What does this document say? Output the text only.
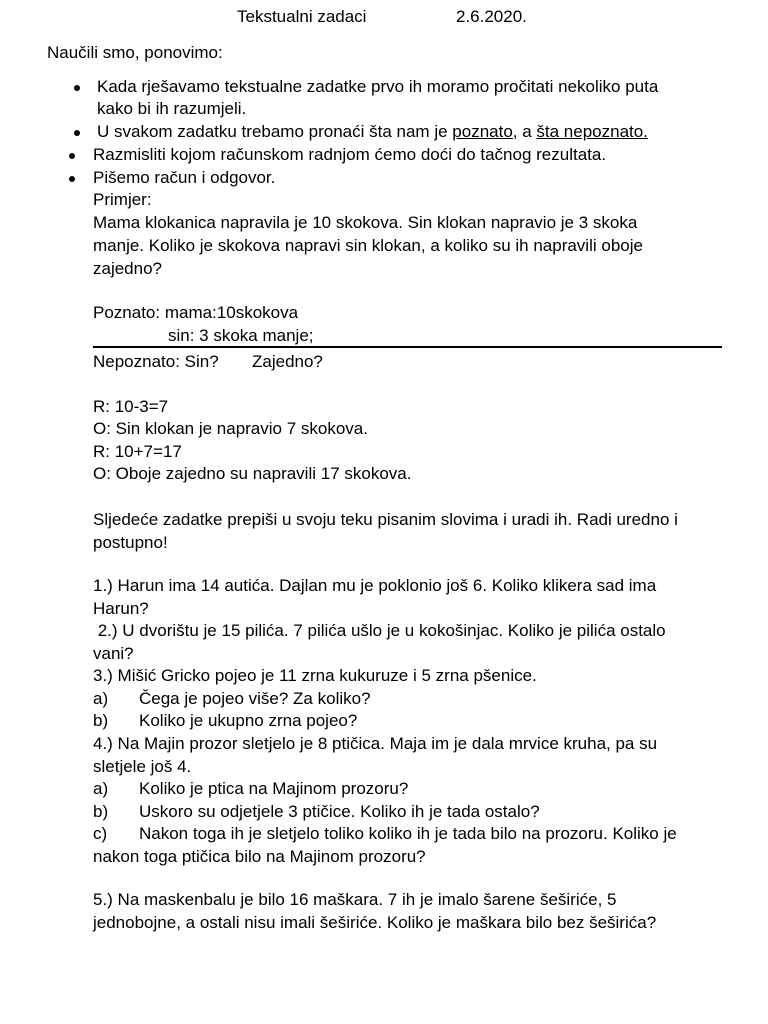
Tekstualni zadaci	2.6.2020.
Naučili smo, ponovimo:
Kada rješavamo tekstualne zadatke prvo ih moramo pročitati nekoliko puta
kako bi ih razumjeli.
U svakom zadatku trebamo pronaći šta nam je poznato, a šta nepoznato.
Razmisliti kojom računskom radnjom ćemo doći do tačnog rezultata.
Pišemo račun i odgovor.
Primjer:
Mama klokanica napravila je 10 skokova. Sin klokan napravio je 3 skoka
manje. Koliko je skokova napravi sin klokan, a koliko su ih napravili oboje
zajedno?
Poznato: mama:10skokova
sin: 3 skoka manje;
Nepoznato: Sin? Zajedno?
R: 10-3=7
O: Sin klokan je napravio 7 skokova.
R: 10+7=17
O: Oboje zajedno su napravili 17 skokova.
Sljedeće zadatke prepiši u svoju teku pisanim slovima i uradi ih. Radi uredno i
postupno!
1.) Harun ima 14 autića. Dajlan mu je poklonio još 6. Koliko klikera sad ima
Harun?
2.) U dvorištu je 15 pilića. 7 pilića ušlo je u kokošinjac. Koliko je pilića ostalo
vani?
3.) Mišić Gricko pojeo je 11 zrna kukuruze i 5 zrna pšenice.
a) Čega je pojeo više? Za koliko?
b) Koliko je ukupno zrna pojeo?
4.) Na Majin prozor sletjelo je 8 ptičica. Maja im je dala mrvice kruha, pa su
sletjele još 4.
a) Koliko je ptica na Majinom prozoru?
b) Uskoro su odjetjele 3 ptičice. Koliko ih je tada ostalo?
c) Nakon toga ih je sletjelo toliko koliko ih je tada bilo na prozoru. Koliko je
nakon toga ptičica bilo na Majinom prozoru?
5.) Na maskenbalu je bilo 16 maškara. 7 ih je imalo šarene šeširiće, 5
jednobojne, a ostali nisu imali šeširiće. Koliko je maškara bilo bez šeširića?
